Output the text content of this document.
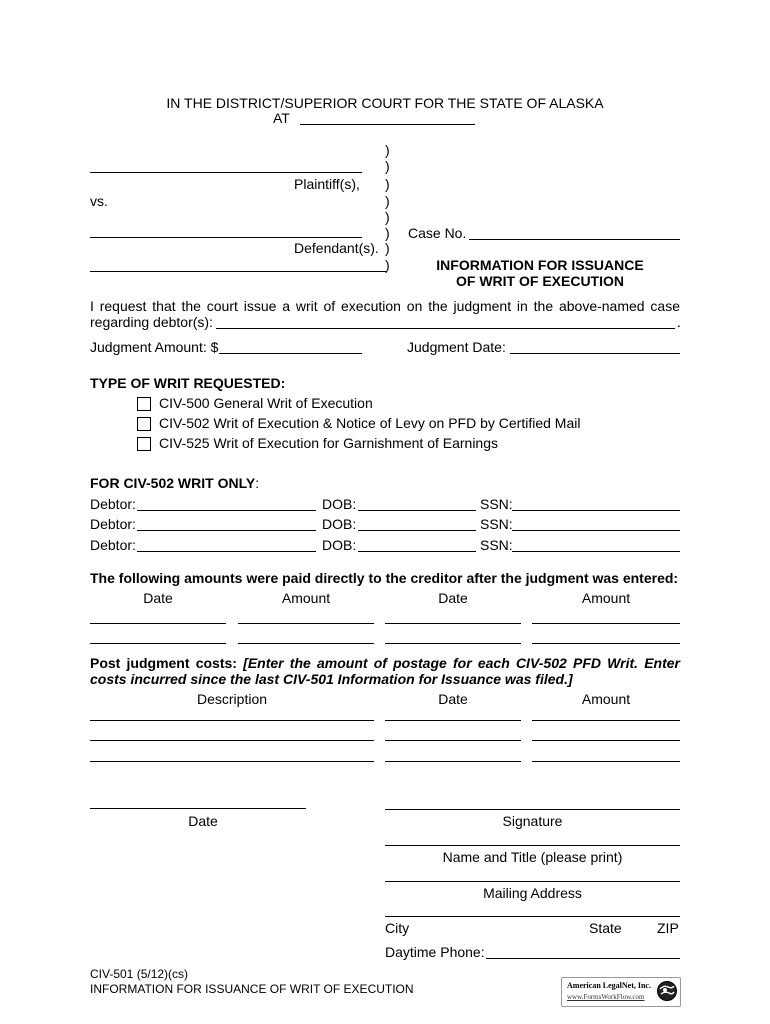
IN THE DISTRICT/SUPERIOR COURT FOR THE STATE OF ALASKA
AT
Plaintiff(s),
vs.
Defendant(s).
)
)
)
)
)
)
)
)
Case No.
INFORMATION FOR ISSUANCE
OF WRIT OF EXECUTION
I request that the court issue a writ of execution on the judgment in the above-named case
regarding debtor(s):	.
Judgment Amount: $	Judgment Date:
TYPE OF WRIT REQUESTED:
CIV-500 General Writ of Execution
CIV-502 Writ of Execution & Notice of Levy on PFD by Certified Mail
CIV-525 Writ of Execution for Garnishment of Earnings
FOR CIV-502 WRIT ONLY:
Debtor:	DOB:	SSN:
Debtor:	DOB:	SSN:
Debtor:	DOB:	SSN:
The following amounts were paid directly to the creditor after the judgment was entered:
Date	Amount	Date	Amount
Post judgment costs: [Enter the amount of postage for each CIV-502 PFD Writ. Enter
costs incurred since the last CIV-501 Information for Issuance was filed.]
Description	Date	Amount
Date	Signature
Name and Title (please print)
Mailing Address
City	State	ZIP
Daytime Phone:
CIV-501 (5/12)(cs)
INFORMATION FOR ISSUANCE OF WRIT OF EXECUTION	American LegalNet, Inc.
www.FormsWorkFlow.com
